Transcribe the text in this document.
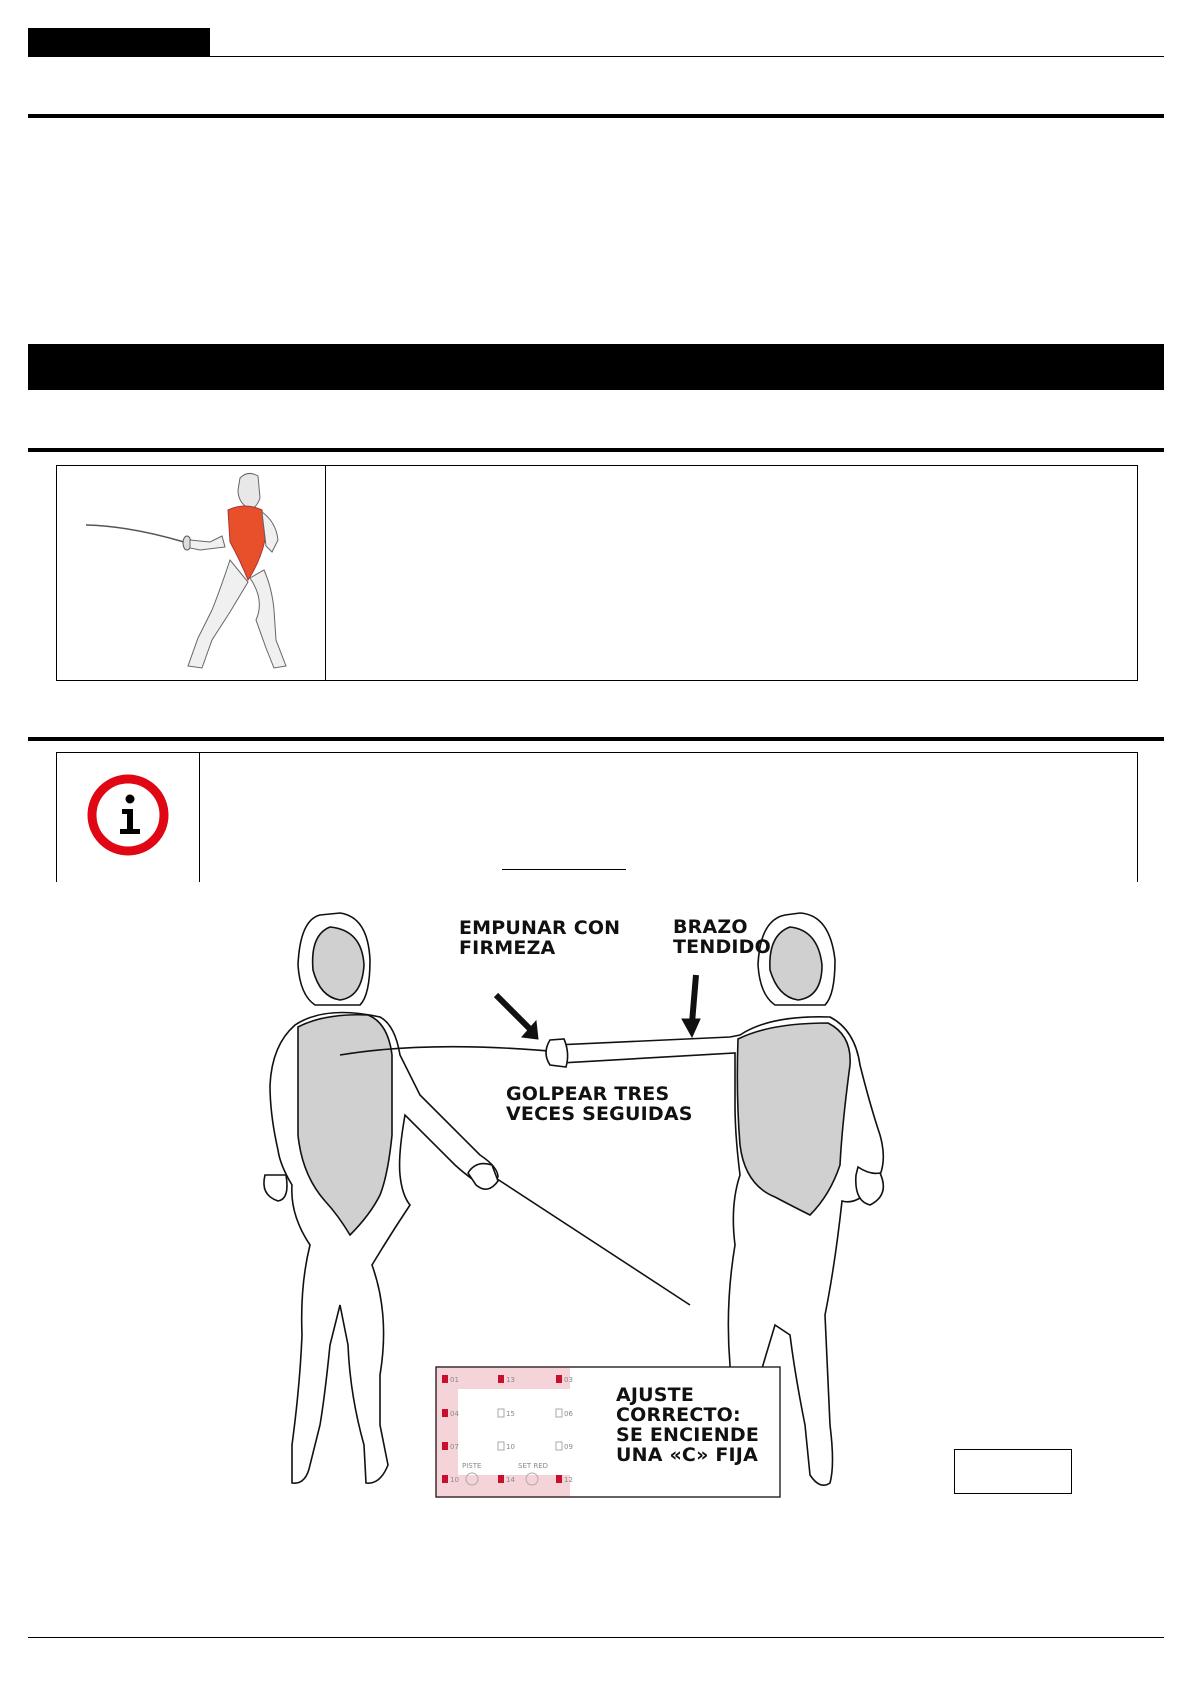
01	13	03
04	15	06
07	10	09
10	14	12
PISTE	SET RED
EMPUNAR CON
FIRMEZA
BRAZO
TENDIDO
GOLPEAR TRES
VECES SEGUIDAS
AJUSTE
CORRECTO:
SE ENCIENDE
UNA «C» FIJA
